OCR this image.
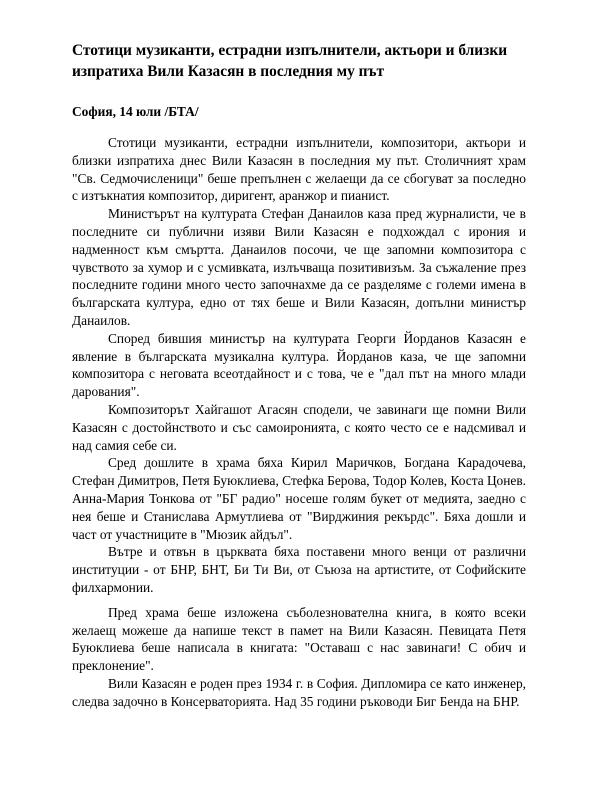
Стотици музиканти, естрадни изпълнители, актьори и близки изпратиха Вили Казасян в последния му път

София, 14 юли /БТА/

Стотици музиканти, естрадни изпълнители, композитори, актьори и близки изпратиха днес Вили Казасян в последния му път. Столичният храм "Св. Седмочисленици" беше препълнен с желаещи да се сбогуват за последно с изтъкнатия композитор, диригент, аранжор и пианист.

Министърът на културата Стефан Данаилов каза пред журналисти, че в последните си публични изяви Вили Казасян е подхождал с ирония и надменност към смъртта. Данаилов посочи, че ще запомни композитора с чувството за хумор и с усмивката, излъчваща позитивизъм. За съжаление през последните години много често започнахме да се разделяме с големи имена в българската култура, едно от тях беше и Вили Казасян, допълни министър Данаилов.

Според бившия министър на културата Георги Йорданов Казасян е явление в българската музикална култура. Йорданов каза, че ще запомни композитора с неговата всеотдайност и с това, че е "дал път на много млади дарования".

Композиторът Хайгашот Агасян сподели, че завинаги ще помни Вили Казасян с достойнството и със самоиронията, с която често се е надсмивал и над самия себе си.

Сред дошлите в храма бяха Кирил Маричков, Богдана Карадочева, Стефан Димитров, Петя Буюклиева, Стефка Берова, Тодор Колев, Коста Цонев. Анна-Мария Тонкова от "БГ радио" носеше голям букет от медията, заедно с нея беше и Станислава Армутлиева от "Вирджиния рекърдс". Бяха дошли и част от участниците в "Мюзик айдъл".

Вътре и отвън в църквата бяха поставени много венци от различни институции - от БНР, БНТ, Би Ти Ви, от Съюза на артистите, от Софийските филхармонии.

Пред храма беше изложена съболезнователна книга, в която всеки желаещ можеше да напише текст в памет на Вили Казасян. Певицата Петя Буюклиева беше написала в книгата: "Оставаш с нас завинаги! С обич и преклонение".

Вили Казасян е роден през 1934 г. в София. Дипломира се като инженер, следва задочно в Консерваторията. Над 35 години ръководи Биг Бенда на БНР.
